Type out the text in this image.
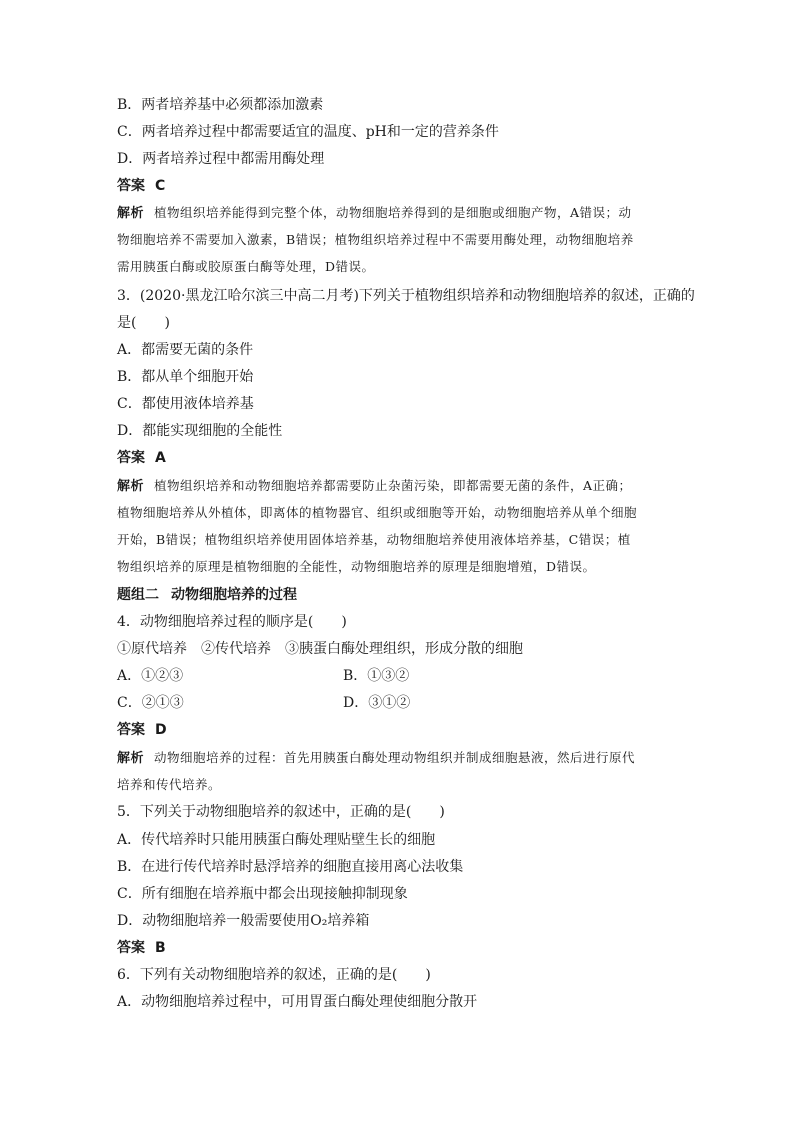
B．两者培养基中必须都添加激素

C．两者培养过程中都需要适宜的温度、pH和一定的营养条件

D．两者培养过程中都需用酶处理

答案 C

解析 植物组织培养能得到完整个体，动物细胞培养得到的是细胞或细胞产物，A错误；动

物细胞培养不需要加入激素，B错误；植物组织培养过程中不需要用酶处理，动物细胞培养

需用胰蛋白酶或胶原蛋白酶等处理，D错误。

3．(2020·黑龙江哈尔滨三中高二月考)下列关于植物组织培养和动物细胞培养的叙述，正确的

是(　　)

A．都需要无菌的条件

B．都从单个细胞开始

C．都使用液体培养基

D．都能实现细胞的全能性

答案 A

解析 植物组织培养和动物细胞培养都需要防止杂菌污染，即都需要无菌的条件，A正确；

植物细胞培养从外植体，即离体的植物器官、组织或细胞等开始，动物细胞培养从单个细胞

开始，B错误；植物组织培养使用固体培养基，动物细胞培养使用液体培养基，C错误；植

物组织培养的原理是植物细胞的全能性，动物细胞培养的原理是细胞增殖，D错误。

题组二 动物细胞培养的过程

4．动物细胞培养过程的顺序是(　　)

①原代培养　②传代培养　③胰蛋白酶处理组织，形成分散的细胞

A．①②③	B．①③②

C．②①③	D．③①②

答案 D

解析 动物细胞培养的过程：首先用胰蛋白酶处理动物组织并制成细胞悬液，然后进行原代

培养和传代培养。

5．下列关于动物细胞培养的叙述中，正确的是(　　)

A．传代培养时只能用胰蛋白酶处理贴壁生长的细胞

B．在进行传代培养时悬浮培养的细胞直接用离心法收集

C．所有细胞在培养瓶中都会出现接触抑制现象

D．动物细胞培养一般需要使用O₂培养箱

答案 B

6．下列有关动物细胞培养的叙述，正确的是(　　)

A．动物细胞培养过程中，可用胃蛋白酶处理使细胞分散开
